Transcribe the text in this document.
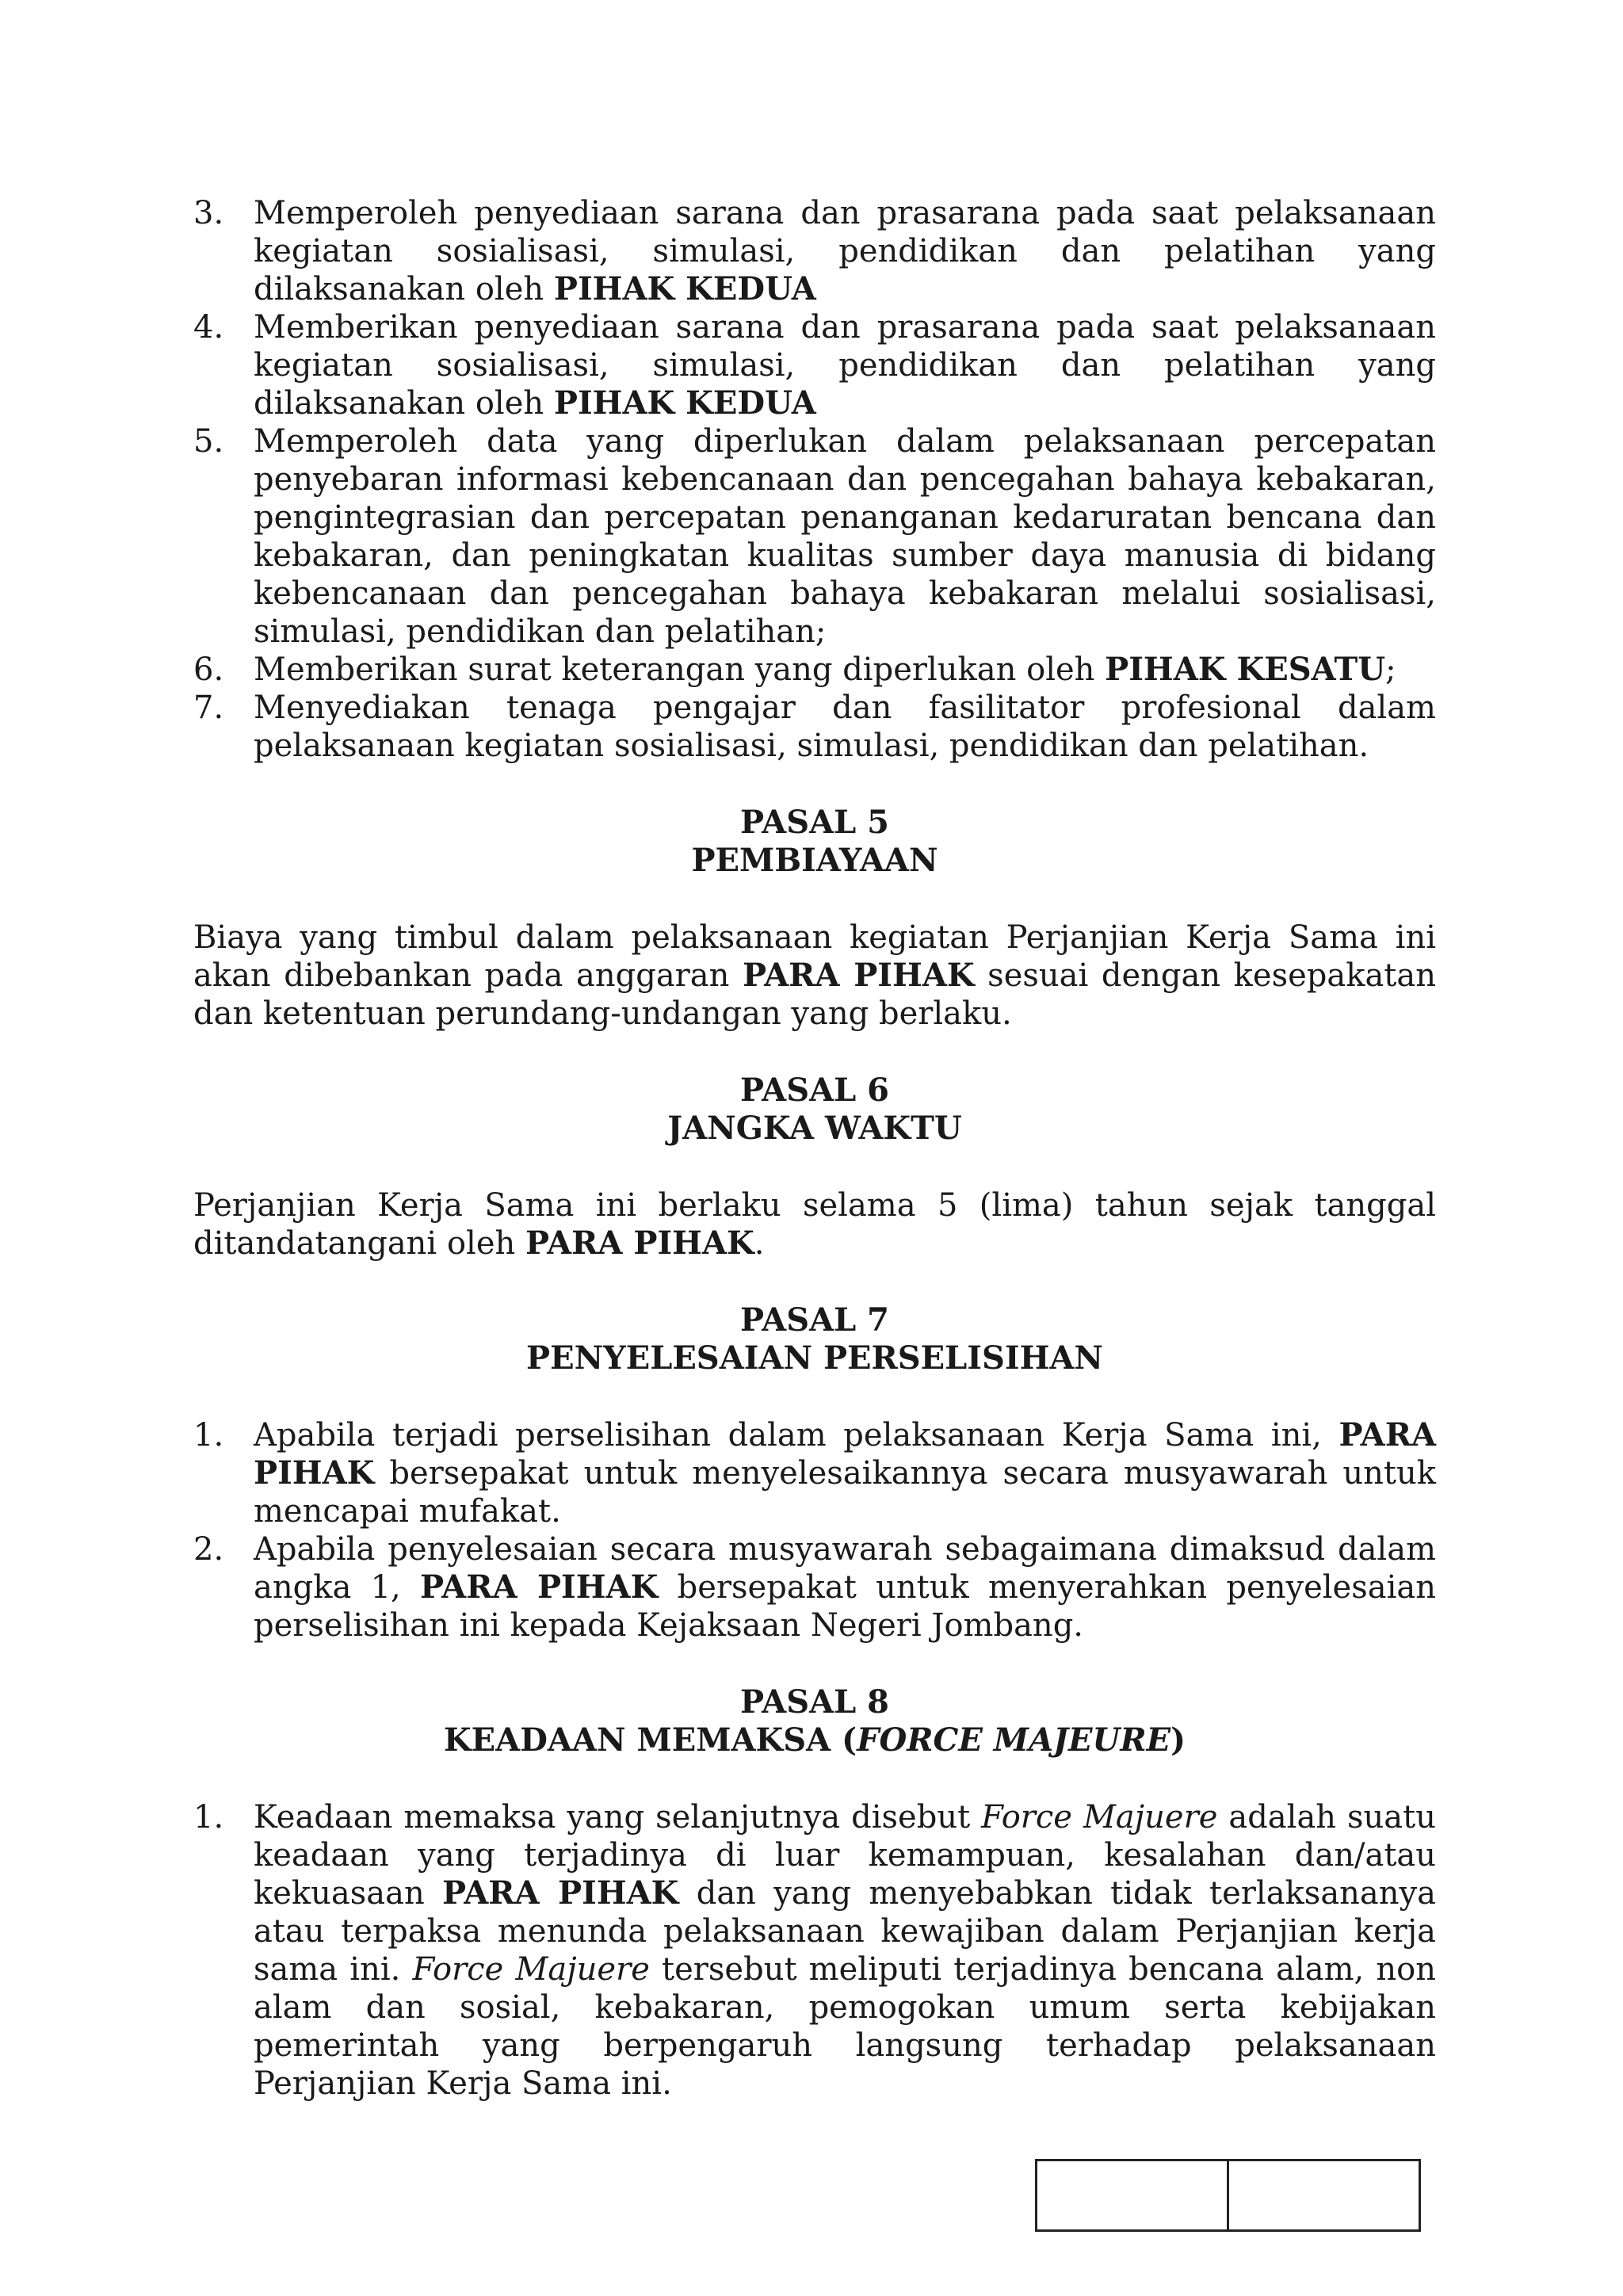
3. Memperoleh penyediaan sarana dan prasarana pada saat pelaksanaan kegiatan sosialisasi, simulasi, pendidikan dan pelatihan yang dilaksanakan oleh PIHAK KEDUA
4. Memberikan penyediaan sarana dan prasarana pada saat pelaksanaan kegiatan sosialisasi, simulasi, pendidikan dan pelatihan yang dilaksanakan oleh PIHAK KEDUA
5. Memperoleh data yang diperlukan dalam pelaksanaan percepatan penyebaran informasi kebencanaan dan pencegahan bahaya kebakaran, pengintegrasian dan percepatan penanganan kedaruratan bencana dan kebakaran, dan peningkatan kualitas sumber daya manusia di bidang kebencanaan dan pencegahan bahaya kebakaran melalui sosialisasi, simulasi, pendidikan dan pelatihan;
6. Memberikan surat keterangan yang diperlukan oleh PIHAK KESATU;
7. Menyediakan tenaga pengajar dan fasilitator profesional dalam pelaksanaan kegiatan sosialisasi, simulasi, pendidikan dan pelatihan.
PASAL 5
PEMBIAYAAN

Biaya yang timbul dalam pelaksanaan kegiatan Perjanjian Kerja Sama ini akan dibebankan pada anggaran PARA PIHAK sesuai dengan kesepakatan dan ketentuan perundang-undangan yang berlaku.

PASAL 6
JANGKA WAKTU

Perjanjian Kerja Sama ini berlaku selama 5 (lima) tahun sejak tanggal ditandatangani oleh PARA PIHAK.

PASAL 7
PENYELESAIAN PERSELISIHAN
1. Apabila terjadi perselisihan dalam pelaksanaan Kerja Sama ini, PARA PIHAK bersepakat untuk menyelesaikannya secara musyawarah untuk mencapai mufakat.
2. Apabila penyelesaian secara musyawarah sebagaimana dimaksud dalam angka 1, PARA PIHAK bersepakat untuk menyerahkan penyelesaian perselisihan ini kepada Kejaksaan Negeri Jombang.
PASAL 8
KEADAAN MEMAKSA (FORCE MAJEURE)
1. Keadaan memaksa yang selanjutnya disebut Force Majuere adalah suatu keadaan yang terjadinya di luar kemampuan, kesalahan dan/atau kekuasaan PARA PIHAK dan yang menyebabkan tidak terlaksananya atau terpaksa menunda pelaksanaan kewajiban dalam Perjanjian kerja sama ini. Force Majuere tersebut meliputi terjadinya bencana alam, non alam dan sosial, kebakaran, pemogokan umum serta kebijakan pemerintah yang berpengaruh langsung terhadap pelaksanaan Perjanjian Kerja Sama ini.
